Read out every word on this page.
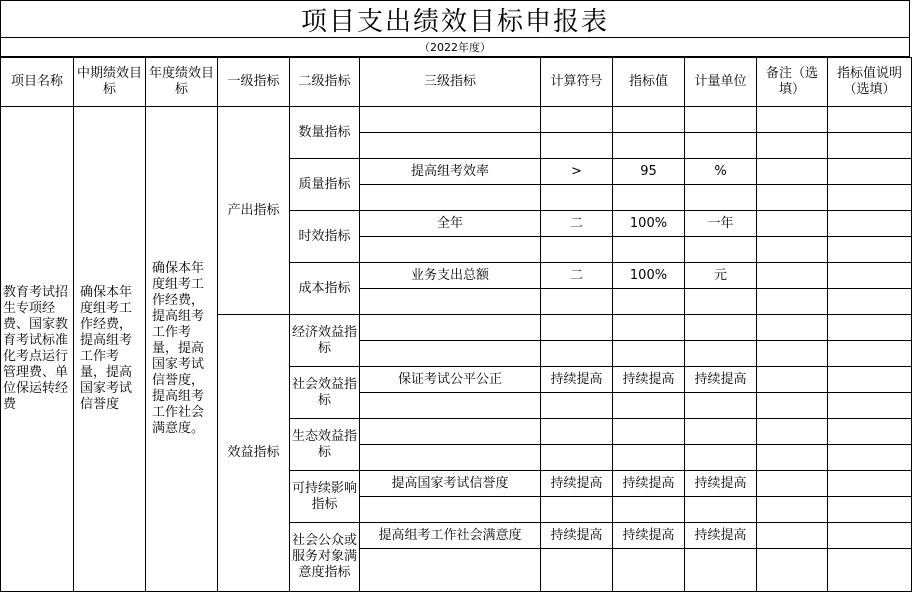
项目支出绩效目标申报表
（2022年度）
项目名称	中期绩效目标	年度绩效目标	一级指标	二级指标	三级指标	计算符号	指标值	计量单位	备注（选填）	指标值说明（选填）
教育考试招生专项经费、国家教育考试标准化考点运行管理费、单位保运转经费	确保本年度组考工作经费，提高组考工作考量，提高国家考试信誉度	确保本年度组考工作经费，提高组考工作考量，提高国家考试信誉度，提高组考工作社会满意度。	产出指标	数量指标						

				质量指标	提高组考效率	>	95	%		

				时效指标	全年	二	100%	一年		

				成本指标	业务支出总额	二	100%	元		

			效益指标	经济效益指标						

				社会效益指标	保证考试公平公正	持续提高	持续提高	持续提高		

				生态效益指标						

				可持续影响指标	提高国家考试信誉度	持续提高	持续提高	持续提高		

				社会公众或服务对象满意度指标	提高组考工作社会满意度	持续提高	持续提高	持续提高		
